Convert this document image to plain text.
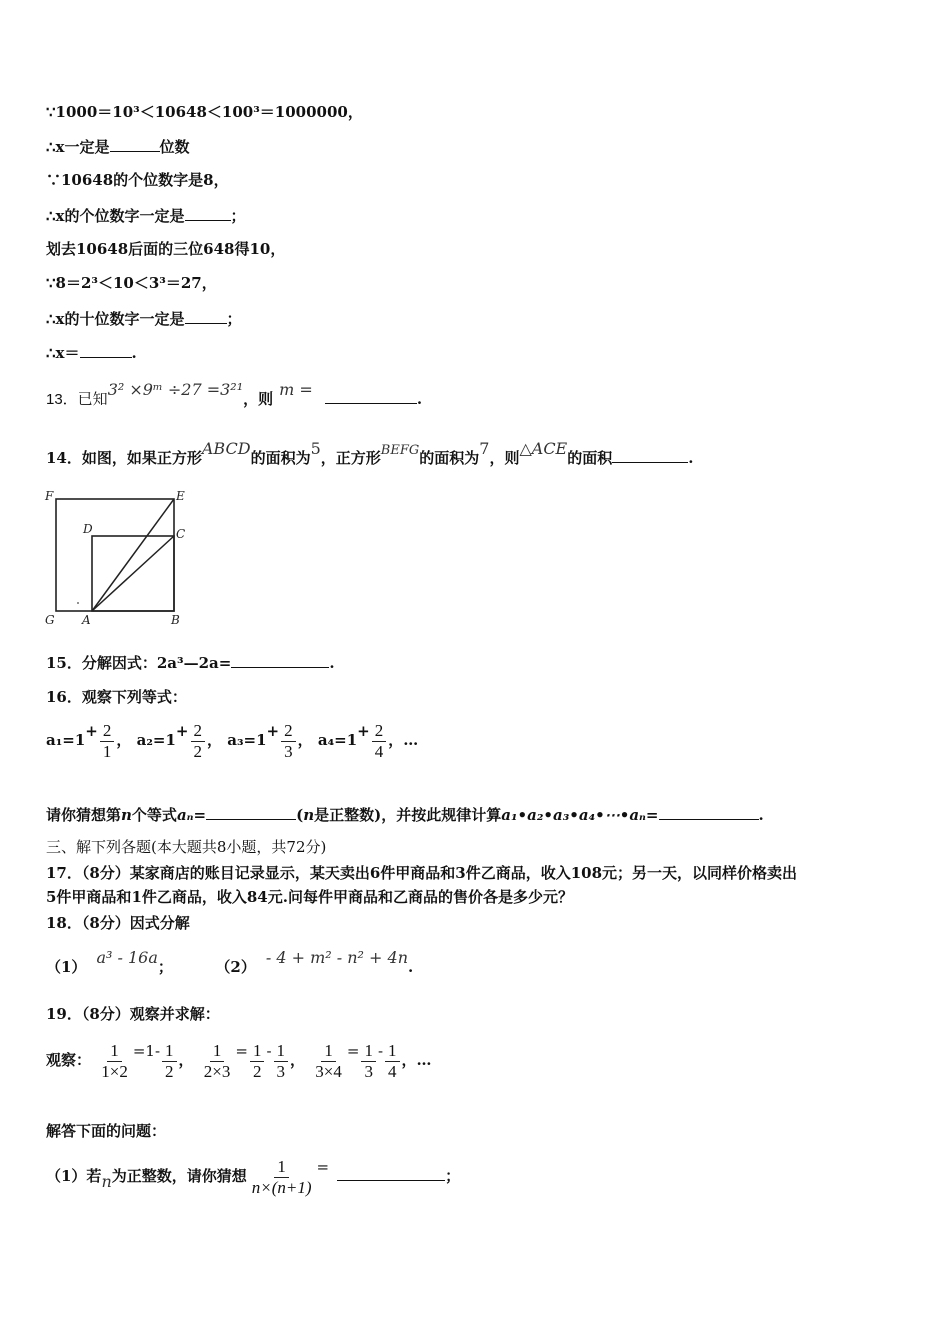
∵1000＝10³＜10648＜100³＝1000000，
∴x一定是	位数
∵10648的个位数字是8，
∴x的个位数字一定是	；
划去10648后面的三位648得10，
∵8＝2³＜10＜3³＝27，
∴x的十位数字一定是	；
∴x＝	.
13．已知3² ×9ᵐ ÷27 =3²¹，则 m =	.
14．如图，如果正方形ABCD的面积为5，正方形BEFG的面积为7，则△ACE的面积	.
F	E
D	C
G A	B
15．分解因式：2a³—2a=	.
16．观察下列等式：
$a_1=1+ \frac{2}{1}$ ， $a_2=1+ \frac{2}{2}$ ， $a_3=1+ \frac{2}{3}$ ， $a_4=1+ \frac{2}{4}$ ，…
请你猜想第n个等式aₙ=	(n是正整数)，并按此规律计算a₁•a₂•a₃•a₄•⋯•aₙ=	.
三、解下列各题(本大题共8小题，共72分)
17．（8分）某家商店的账目记录显示，某天卖出6件甲商品和3件乙商品，收入108元；另一天，以同样价格卖出
5件甲商品和1件乙商品，收入84元.问每件甲商品和乙商品的售价各是多少元？
18．（8分）因式分解
（1） a³ - 16a；	（2） - 4 + m² - n² + 4n.
19．（8分）观察并求解：
观察： $\frac{1}{1\times 2} =1- \frac{1}{2}$ ， $\frac{1}{2\times 3} = \frac{1}{2} - \frac{1}{3}$ ， $\frac{1}{3\times 4} = \frac{1}{3} - \frac{1}{4}$ ，…
解答下面的问题：
（1）若n为正整数，请你猜想 $\frac{1}{n\times(n+1)}$ =	；
